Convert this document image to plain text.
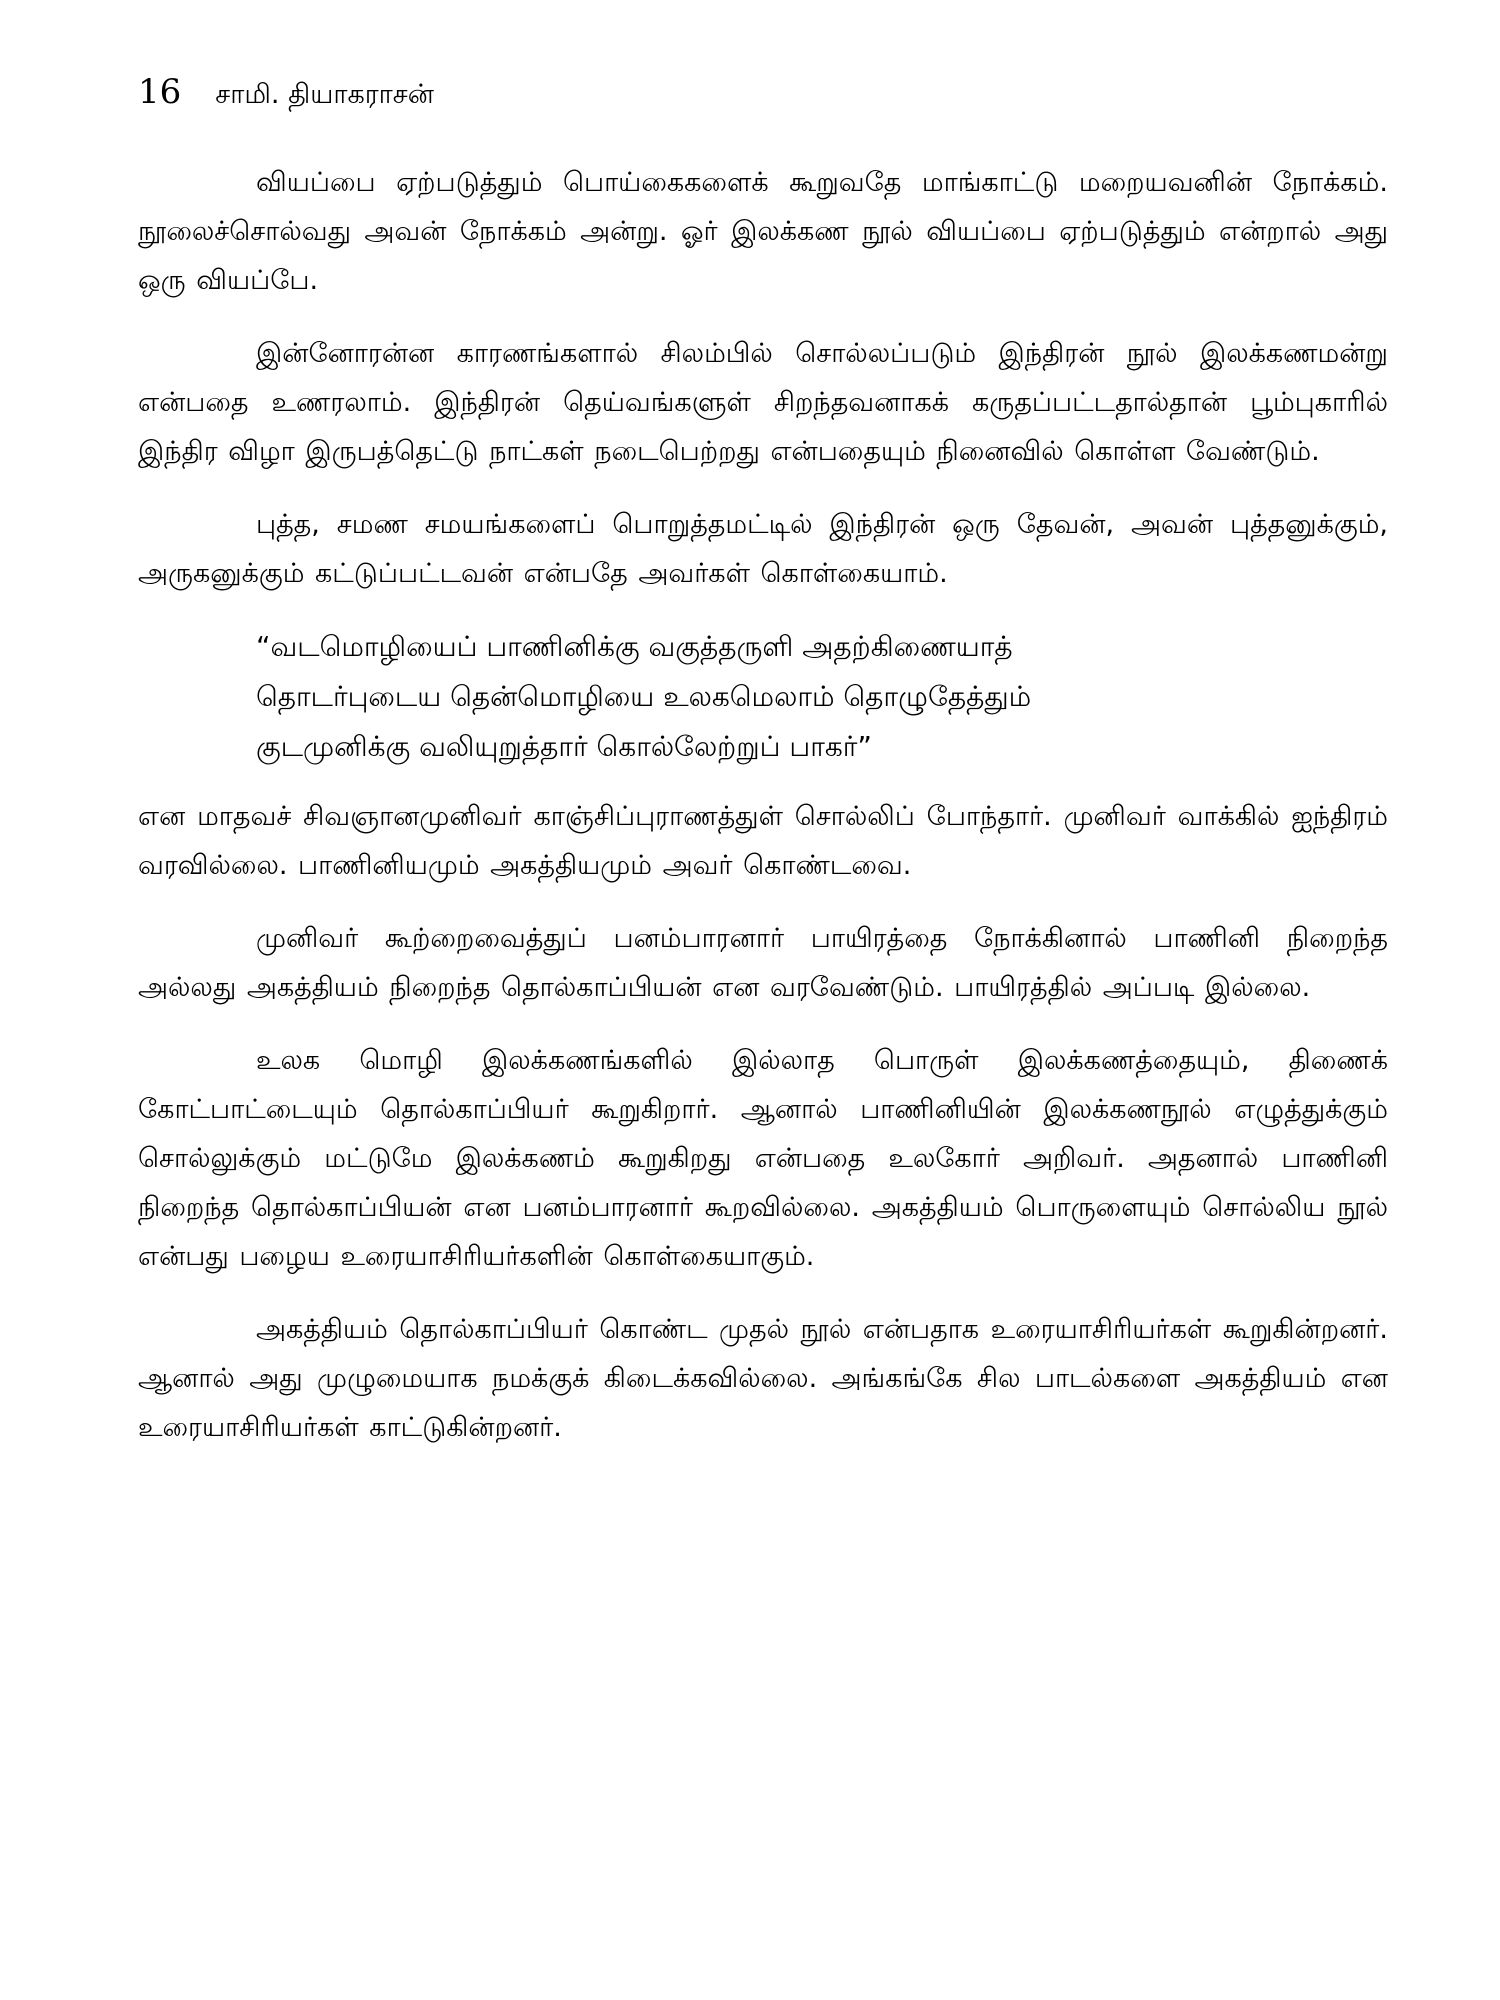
16 சாமி. தியாகராசன்

வியப்பை ஏற்படுத்தும் பொய்கைகளைக் கூறுவதே மாங்காட்டு மறையவனின் நோக்கம். நூலைச்சொல்வது அவன் நோக்கம் அன்று. ஓர் இலக்கண நூல் வியப்பை ஏற்படுத்தும் என்றால் அது ஒரு வியப்பே.

இன்னோரன்ன காரணங்களால் சிலம்பில் சொல்லப்படும் இந்திரன் நூல் இலக்கணமன்று என்பதை உணரலாம். இந்திரன் தெய்வங்களுள் சிறந்தவனாகக் கருதப்பட்டதால்தான் பூம்புகாரில் இந்திர விழா இருபத்தெட்டு நாட்கள் நடைபெற்றது என்பதையும் நினைவில் கொள்ள வேண்டும்.

புத்த, சமண சமயங்களைப் பொறுத்தமட்டில் இந்திரன் ஒரு தேவன், அவன் புத்தனுக்கும், அருகனுக்கும் கட்டுப்பட்டவன் என்பதே அவர்கள் கொள்கையாம்.

“வடமொழியைப் பாணினிக்கு வகுத்தருளி அதற்கிணையாத்
தொடர்புடைய தென்மொழியை உலகமெலாம் தொழுதேத்தும்
குடமுனிக்கு வலியுறுத்தார் கொல்லேற்றுப் பாகர்”

என மாதவச் சிவஞானமுனிவர் காஞ்சிப்புராணத்துள் சொல்லிப் போந்தார். முனிவர் வாக்கில் ஐந்திரம் வரவில்லை. பாணினியமும் அகத்தியமும் அவர் கொண்டவை.

முனிவர் கூற்றைவைத்துப் பனம்பாரனார் பாயிரத்தை நோக்கினால் பாணினி நிறைந்த அல்லது அகத்தியம் நிறைந்த தொல்காப்பியன் என வரவேண்டும். பாயிரத்தில் அப்படி இல்லை.

உலக மொழி இலக்கணங்களில் இல்லாத பொருள் இலக்கணத்தையும், திணைக் கோட்பாட்டையும் தொல்காப்பியர் கூறுகிறார். ஆனால் பாணினியின் இலக்கணநூல் எழுத்துக்கும் சொல்லுக்கும் மட்டுமே இலக்கணம் கூறுகிறது என்பதை உலகோர் அறிவர். அதனால் பாணினி நிறைந்த தொல்காப்பியன் என பனம்பாரனார் கூறவில்லை. அகத்தியம் பொருளையும் சொல்லிய நூல் என்பது பழைய உரையாசிரியர்களின் கொள்கையாகும்.

அகத்தியம் தொல்காப்பியர் கொண்ட முதல் நூல் என்பதாக உரையாசிரியர்கள் கூறுகின்றனர். ஆனால் அது முழுமையாக நமக்குக் கிடைக்கவில்லை. அங்கங்கே சில பாடல்களை அகத்தியம் என உரையாசிரியர்கள் காட்டுகின்றனர்.
